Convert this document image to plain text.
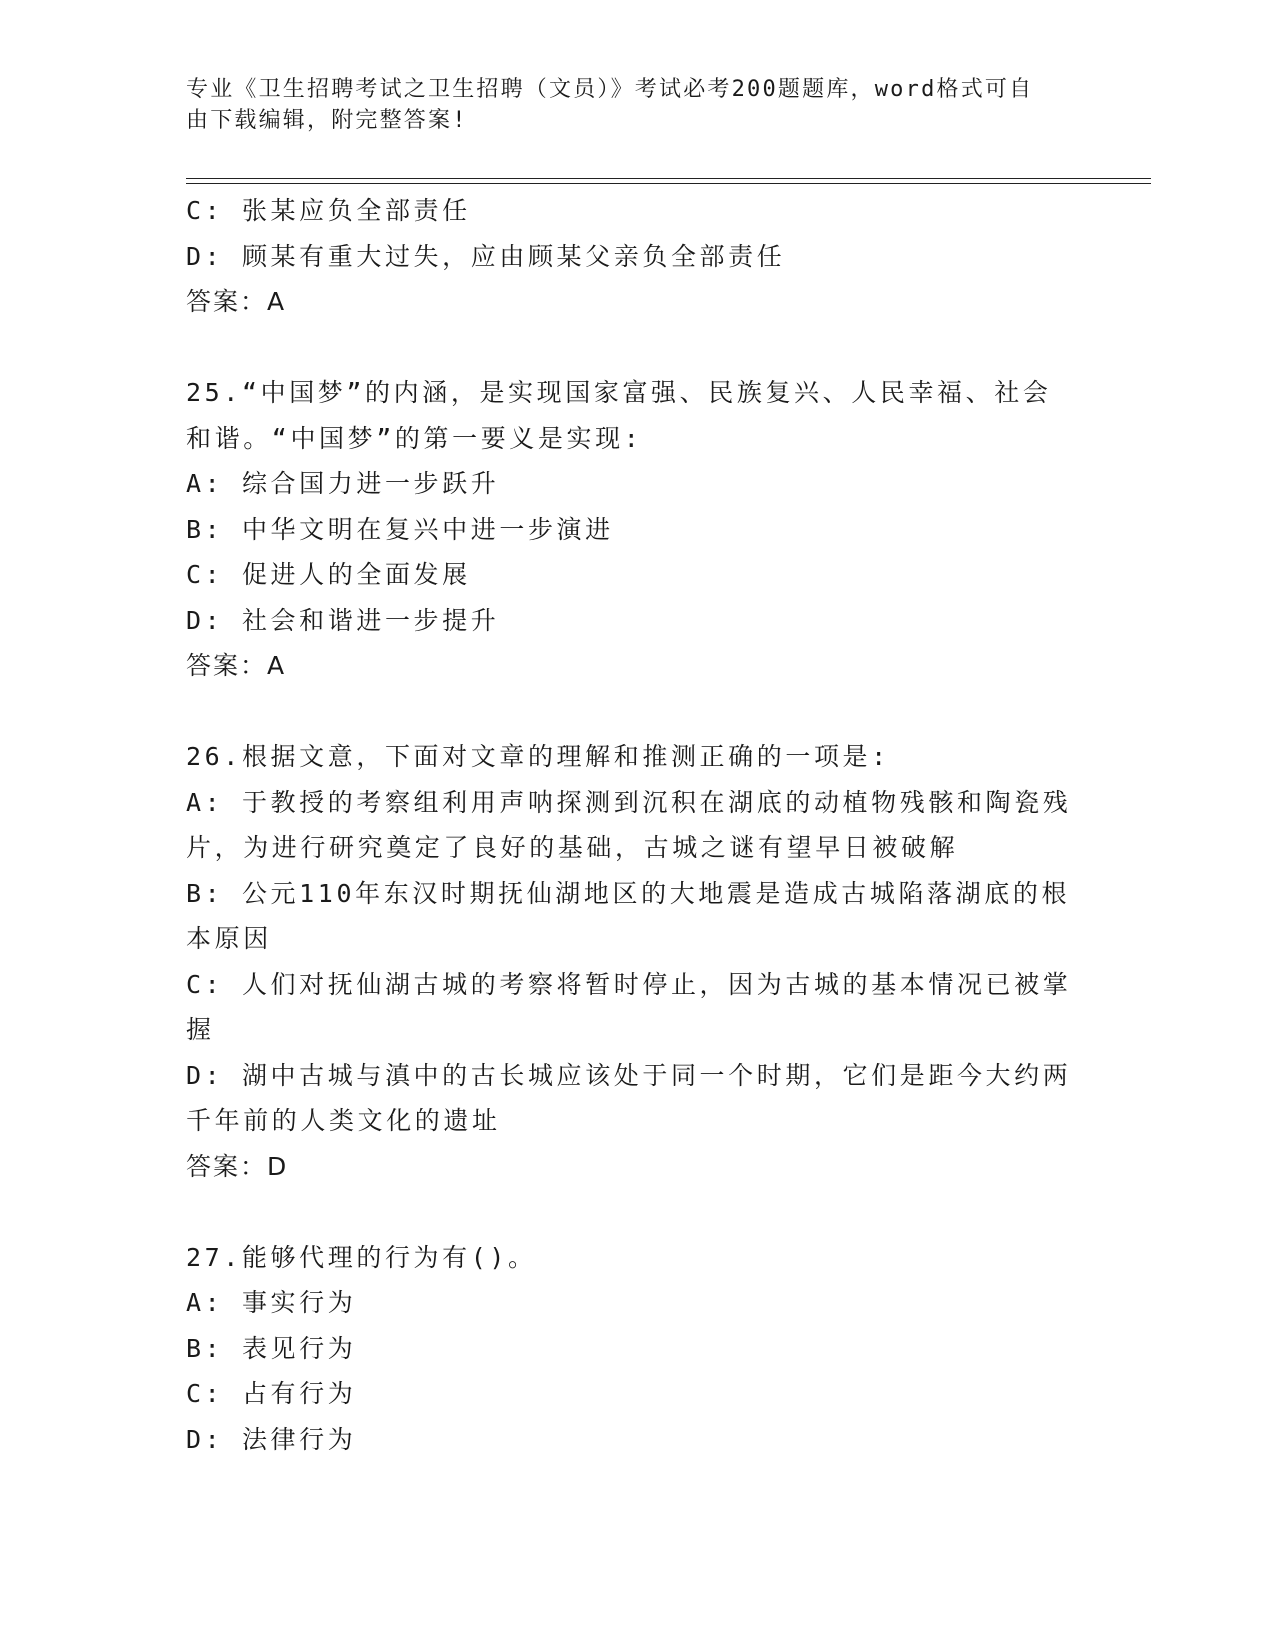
专业《卫生招聘考试之卫生招聘（文员）》考试必考200题题库，word格式可自
由下载编辑，附完整答案!
C: 张某应负全部责任
D: 顾某有重大过失，应由顾某父亲负全部责任
答案：A
25.“中国梦”的内涵，是实现国家富强、民族复兴、人民幸福、社会
和谐。“中国梦”的第一要义是实现:
A: 综合国力进一步跃升
B: 中华文明在复兴中进一步演进
C: 促进人的全面发展
D: 社会和谐进一步提升
答案：A
26.根据文意，下面对文章的理解和推测正确的一项是:
A: 于教授的考察组利用声呐探测到沉积在湖底的动植物残骸和陶瓷残
片，为进行研究奠定了良好的基础，古城之谜有望早日被破解
B: 公元110年东汉时期抚仙湖地区的大地震是造成古城陷落湖底的根
本原因
C: 人们对抚仙湖古城的考察将暂时停止，因为古城的基本情况已被掌
握
D: 湖中古城与滇中的古长城应该处于同一个时期，它们是距今大约两
千年前的人类文化的遗址
答案：D
27.能够代理的行为有()。
A: 事实行为
B: 表见行为
C: 占有行为
D: 法律行为
